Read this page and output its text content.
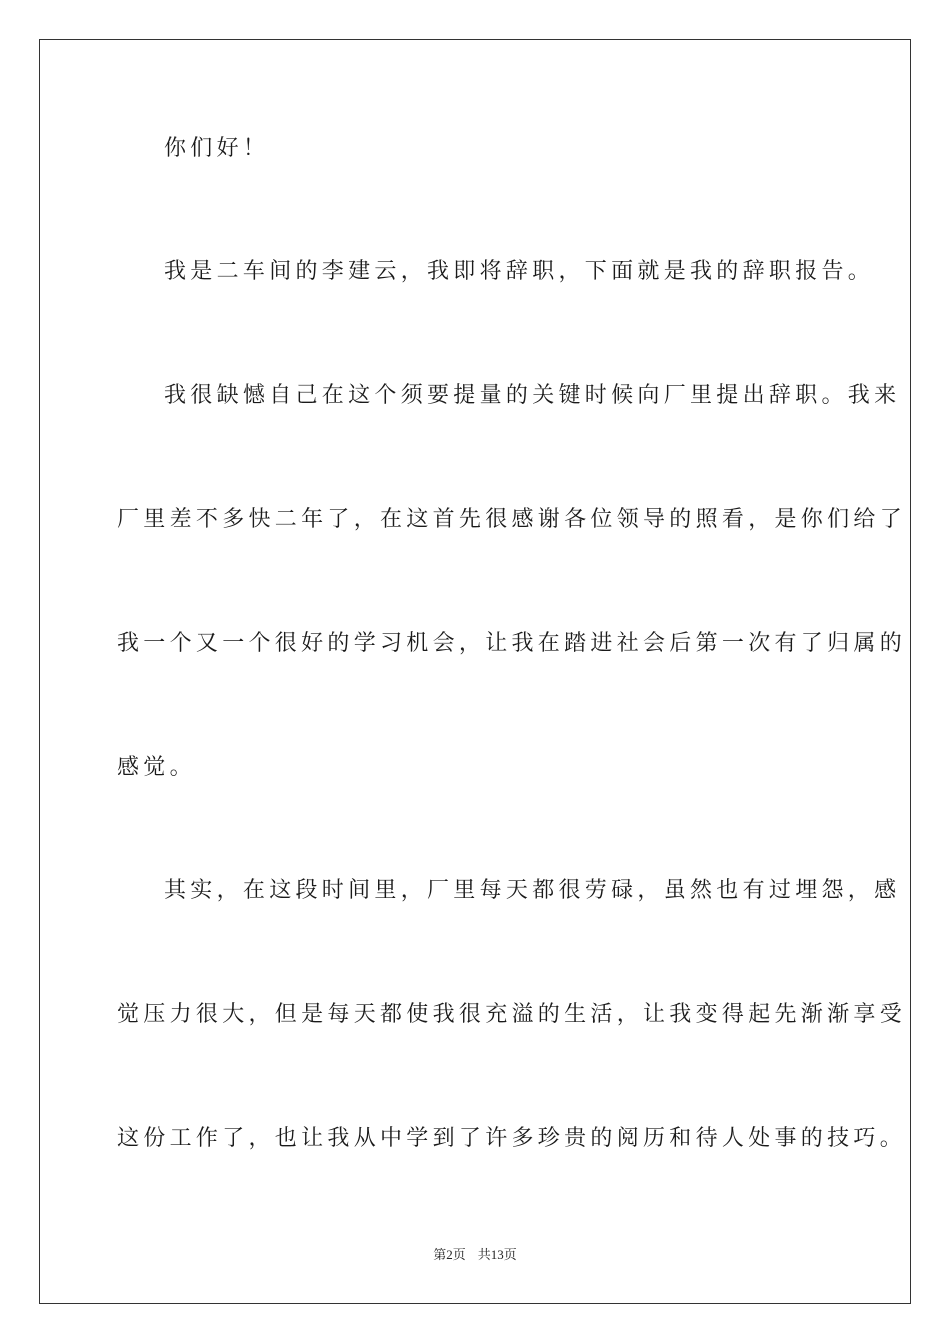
你们好！
我是二车间的李建云，我即将辞职，下面就是我的辞职报告。
我很缺憾自己在这个须要提量的关键时候向厂里提出辞职。我来
厂里差不多快二年了，在这首先很感谢各位领导的照看，是你们给了
我一个又一个很好的学习机会，让我在踏进社会后第一次有了归属的
感觉。
其实，在这段时间里，厂里每天都很劳碌，虽然也有过埋怨，感
觉压力很大，但是每天都使我很充溢的生活，让我变得起先渐渐享受
这份工作了，也让我从中学到了许多珍贵的阅历和待人处事的技巧。
第2页 共13页
